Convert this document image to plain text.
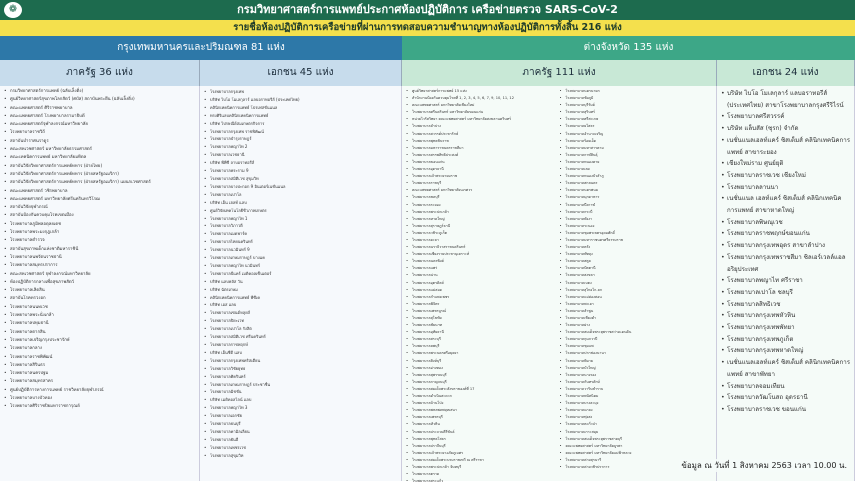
❁	กรมวิทยาศาสตร์การแพทย์ประกาศห้องปฏิบัติการ เครือข่ายตรวจ SARS-CoV-2
รายชื่อห้องปฏิบัติการเครือข่ายที่ผ่านการทดสอบความชำนาญทางห้องปฏิบัติการทั้งสิ้น 216 แห่ง
กรุงเทพมหานครและปริมณฑล 81 แห่ง	ต่างจังหวัด 135 แห่ง
ภาครัฐ 36 แห่ง	เอกชน 45 แห่ง	ภาครัฐ 111 แห่ง	เอกชน 24 แห่ง
• กรมวิทยาศาสตร์การแพทย์ (ฉลับเล็งดิ่ง)
• ศูนย์วิทยาศาสตร์สุขภาพโลกสัตว์ (ศบัส) สถาบันพระยึน (ฉลับเล็งดิ่ง)
• คณะแพทยศาสตร์ ศิริราชพยาบาล
• คณะแพทยศาสตร์ โรงพยาบาลรามาธิบดี
• คณะแพทยศาสตร์จุฬาลงกรณ์มหาวิทยาลัย
• โรงพยาบาลราชวิถี
• สถาบันบำราศนราดูร
• คณะสหเวชศาสตร์ มหาวิทยาลัยธรรมศาสตร์
• คณะเทคนิคการแพทย์ มหาวิทยาลัยมหิดล
• สถาบันวิจัยวิทยาศาสตร์การแพทย์ทหาร (ฝ่ายไทย)
• สถาบันวิจัยวิทยาศาสตร์การแพทย์ทหาร (ฝ่ายสหรัฐอเมริกา)
• สถาบันวิจัยวิทยาศาสตร์การแพทย์ทหาร (ฝ่ายสหรัฐอเมริกา) แผนกเวชศาสตร์
• คณะแพทยศาสตร์ วชิรพยาบาล
• คณะแพทยศาสตร์ มหาวิทยาลัยศรีนครินทรวิโรฒ
• สถาบันวิจัยจุฬาภรณ์
• สถาบันป้องกันควบคุมโรคเขตเมือง
• โรงพยาบาลภูมิพลอดุลยเดช
• โรงพยาบาลพระมงกุฎเกล้า
• โรงพยาบาลตำรวจ
• สถาบันสุขภาพเด็กแห่งชาติมหาราชินี
• โรงพยาบาลนพรัตนราชธานี
• โรงพยาบาลสมุทรปราการ
• คณะสหเวชศาสตร์ จุฬาลงกรณ์มหาวิทยาลัย
• ห้องปฏิบัติการกลางเพื่อสุขภาพสัตว์
• โรงพยาบาลเลิดสิน
• สถาบันโรคทรวงอก
• โรงพยาบาลนนทเวช
• โรงพยาบาลพระนั่งเกล้า
• โรงพยาบาลปทุมธานี
• โรงพยาบาลตากสิน
• โรงพยาบาลเจริญกรุงประชารักษ์
• โรงพยาบาลกลาง
• โรงพยาบาลราชพิพัฒน์
• โรงพยาบาลสิรินธร
• โรงพยาบาลนครปฐม
• โรงพยาบาลสมุทรสาคร
• ศูนย์ปฏิบัติการทางการแพทย์ ราชวิทยาลัยจุฬาภรณ์
• โรงพยาบาลบางบัวทอง
• โรงพยาบาลศิริราชปิยมหาราชการุณย์
• โรงพยาบาลกรุงเทพ
• บริษัท ไบโอ โมเลกุลาร์ แลบอราทอรีส์ (ประเทศไทย)
• คลินิกเทคนิคการแพทย์ โปรเฟสชั่นแนล
• ทรงศิริแลบคลินิกเทคนิคการแพทย์
• บริษัท ไปรษณีย์สมเกษตรกิจการ
• โรงพยาบาลกรุงเทพ ราชพิพัฒน์
• โรงพยาบาลบำรุงราษฎร์
• โรงพยาบาลพญาไท 2
• โรงพยาบาลเวชธานี
• บริษัท พีพีซี ลาบอราทอรีส์
• โรงพยาบาลพระราม 9
• โรงพยาบาลสมิติเวช สุขุมวิท
• โรงพยาบาลบางปะกอก 9 อินเตอร์เนชั่นแนล
• โรงพยาบาลเปาโล
• บริษัท เอ็น เฮลท์ แลบ
• ศูนย์วิจัยเทคโนโลยีชีวภาพเกษตร
• โรงพยาบาลพญาไท 1
• โรงพยาบาลวิภาวดี
• โรงพยาบาลเมดพาร์ค
• โรงพยาบาลไทยนครินทร์
• โรงพยาบาลนวมินทร์ 9
• โรงพยาบาลเกษมราษฎร์ บางแค
• โรงพยาบาลพญาไท นวมินทร์
• โรงพยาบาลบีแคร์ เมดิคอลเซ็นเตอร์
• บริษัท แลบพลัส วัน
• บริษัท ฉัตรเกษม
• คลินิกเทคนิคการแพทย์ พีซีเค
• บริษัท เอส แลบ
• โรงพยาบาลเซนต์หลุยส์
• โรงพยาบาลปิยะเวท
• โรงพยาบาลเปาโล รังสิต
• โรงพยาบาลสมิติเวช ศรีนครินทร์
• โรงพยาบาลราชพฤกษ์
• บริษัท เอ็นซีดี แลบ
• โรงพยาบาลกรุงเทพคริสเตียน
• โรงพยาบาลวิชัยยุทธ
• โรงพยาบาลศิครินทร์
• โรงพยาบาลเกษมราษฎร์ ประชาชื่น
• โรงพยาบาลมิชชั่น
• บริษัท เมดิคอลไลน์ แลบ
• โรงพยาบาลพญาไท 3
• โรงพยาบาลเอกชัย
• โรงพยาบาลธนบุรี
• โรงพยาบาลคามิลเลียน
• โรงพยาบาลยันฮี
• โรงพยาบาลเพชรเวช
• โรงพยาบาลสุขุมวิท
• ศูนย์วิทยาศาสตร์การแพทย์ 15 แห่ง
• สำนักงานป้องกันควบคุมโรคที่ 1, 2, 3, 4, 5, 6, 7, 9, 10, 11, 12
• คณะแพทยศาสตร์ มหาวิทยาลัยเชียงใหม่
• โรงพยาบาลศรีนครินทร์ มหาวิทยาลัยขอนแก่น
• หน่วยไวรัสวิทยา คณะแพทยศาสตร์ มหาวิทยาลัยสงขลานครินทร์
• โรงพยาบาลลำปาง
• โรงพยาบาลสวรรค์ประชารักษ์
• โรงพยาบาลพุทธชินราช
• โรงพยาบาลมหาราชนครราชสีมา
• โรงพยาบาลสรรพสิทธิประสงค์
• โรงพยาบาลขอนแก่น
• โรงพยาบาลอุดรธานี
• โรงพยาบาลเจ้าพระยายมราช
• โรงพยาบาลราชบุรี
• คณะแพทยศาสตร์ มหาวิทยาลัยนเรศวร
• โรงพยาบาลชลบุรี
• โรงพยาบาลระยอง
• โรงพยาบาลพระปกเกล้า
• โรงพยาบาลหาดใหญ่
• โรงพยาบาลสุราษฎร์ธานี
• โรงพยาบาลวชิระภูเก็ต
• โรงพยาบาลยะลา
• โรงพยาบาลนราธิวาสราชนครินทร์
• โรงพยาบาลเชียงรายประชานุเคราะห์
• โรงพยาบาลนครพิงค์
• โรงพยาบาลแพร่
• โรงพยาบาลน่าน
• โรงพยาบาลอุตรดิตถ์
• โรงพยาบาลแม่สอด
• โรงพยาบาลกำแพงเพชร
• โรงพยาบาลพิจิตร
• โรงพยาบาลเพชรบูรณ์
• โรงพยาบาลสุโขทัย
• โรงพยาบาลชัยนาท
• โรงพยาบาลอุทัยธานี
• โรงพยาบาลสระบุรี
• โรงพยาบาลลพบุรี
• โรงพยาบาลพระนครศรีอยุธยา
• โรงพยาบาลสิงห์บุรี
• โรงพยาบาลอ่างทอง
• โรงพยาบาลสุพรรณบุรี
• โรงพยาบาลกาญจนบุรี
• โรงพยาบาลสมเด็จพระสังฆราชองค์ที่ 17
• โรงพยาบาลดำเนินสะดวก
• โรงพยาบาลบ้านโป่ง
• โรงพยาบาลพหลพลพยุหเสนา
• โรงพยาบาลเพชรบุรี
• โรงพยาบาลหัวหิน
• โรงพยาบาลประจวบคีรีขันธ์
• โรงพยาบาลพุทธโสธร
• โรงพยาบาลปราจีนบุรี
• โรงพยาบาลเจ้าพระยาอภัยภูเบศร
• โรงพยาบาลสมเด็จพระบรมราชเทวี ณ ศรีราชา
• โรงพยาบาลพระปกเกล้า จันทบุรี
• โรงพยาบาลตราด
• โรงพยาบาลสระแก้ว
• โรงพยาบาลนครนายก
• โรงพยาบาลชัยภูมิ
• โรงพยาบาลบุรีรัมย์
• โรงพยาบาลสุรินทร์
• โรงพยาบาลศรีสะเกษ
• โรงพยาบาลยโสธร
• โรงพยาบาลอำนาจเจริญ
• โรงพยาบาลร้อยเอ็ด
• โรงพยาบาลมหาสารคาม
• โรงพยาบาลกาฬสินธุ์
• โรงพยาบาลหนองคาย
• โรงพยาบาลเลย
• โรงพยาบาลหนองบัวลำภู
• โรงพยาบาลสกลนคร
• โรงพยาบาลนครพนม
• โรงพยาบาลมุกดาหาร
• โรงพยาบาลบึงกาฬ
• โรงพยาบาลกระบี่
• โรงพยาบาลพังงา
• โรงพยาบาลระนอง
• โรงพยาบาลชุมพรเขตรอุดมศักดิ์
• โรงพยาบาลมหาราชนครศรีธรรมราช
• โรงพยาบาลตรัง
• โรงพยาบาลพัทลุง
• โรงพยาบาลสตูล
• โรงพยาบาลปัตตานี
• โรงพยาบาลสงขลา
• โรงพยาบาลเบตง
• โรงพยาบาลสุไหงโก-ลก
• โรงพยาบาลแม่ฮ่องสอน
• โรงพยาบาลพะเยา
• โรงพยาบาลลำพูน
• โรงพยาบาลเชียงคำ
• โรงพยาบาลฝาง
• โรงพยาบาลสมเด็จพระยุพราชสว่างแดนดิน
• โรงพยาบาลกุมภวาปี
• โรงพยาบาลชุมแพ
• โรงพยาบาลปากช่องนานา
• โรงพยาบาลพิมาย
• โรงพยาบาลบัวใหญ่
• โรงพยาบาลนางรอง
• โรงพยาบาลกันทรลักษ์
• โรงพยาบาลวารินชำราบ
• โรงพยาบาลพนัสนิคม
• โรงพยาบาลบางละมุง
• โรงพยาบาลแกลง
• โรงพยาบาลทุ่งสง
• โรงพยาบาลตะกั่วป่า
• โรงพยาบาลเกาะสมุย
• โรงพยาบาลสมเด็จพระยุพราชสายบุรี
• คณะแพทยศาสตร์ มหาวิทยาลัยบูรพา
• คณะแพทยศาสตร์ มหาวิทยาลัยแม่ฟ้าหลวง
• โรงพยาบาลค่ายสุรนารี
• โรงพยาบาลค่ายวชิรปราการ
• บริษัท ไบโอ โมเลกุลาร์ แลบอราทอรีส์ (ประเทศไทย) สาขาโรงพยาบาลกรุงศรีริไรน์
• โรงพยาบาลศรีสวรรค์
• บริษัท แล็บสัส (ซุรก) จำกัด
• เนชั่นแนลเฮลท์แคร์ ซิสเต็มส์ คลินิกเทคนิคการแพทย์ สาขาระยอง
• เชียงใหม่ราม ศูนย์ยุติ
• โรงพยาบาลราชเวช เชียงใหม่
• โรงพยาบาลลานนา
• เนชั่นแนล เฮลท์แคร์ ซิสเต็มส์ คลินิกเทคนิคการแพทย์ สาขาหาดใหญ่
• โรงพยาบาลพิษณุเวช
• โรงพยาบาลราชพฤกษ์ขอนแก่น
• โรงพยาบาลกรุงเทพอุดร สาขาลำปาง
• โรงพยาบาลกรุงเทพราชสีมา ซิลเอร์เวลล์แอล อริยุประเทศ
• โรงพยาบาลพญาไท ศรีราชา
• โรงพยาบาลเปาโล ชลบุรี
• โรงพยาบาลสิทธิเวช
• โรงพยาบาลกรุงเทพหัวหิน
• โรงพยาบาลกรุงเทพพัทยา
• โรงพยาบาลกรุงเทพภูเก็ต
• โรงพยาบาลกรุงเทพหาดใหญ่
• เนชั่นแนลเฮลท์แคร์ ซิสเต็มส์ คลินิกเทคนิคการแพทย์ สาขาพัทยา
• โรงพยาบาลจอมเทียน
• โรงพยาบาลวัฒโนสถ อุดรธานี
• โรงพยาบาลราชเวช ขอนแก่น
ข้อมูล ณ วันที่ 1 สิงหาคม 2563 เวลา 10.00 น.
